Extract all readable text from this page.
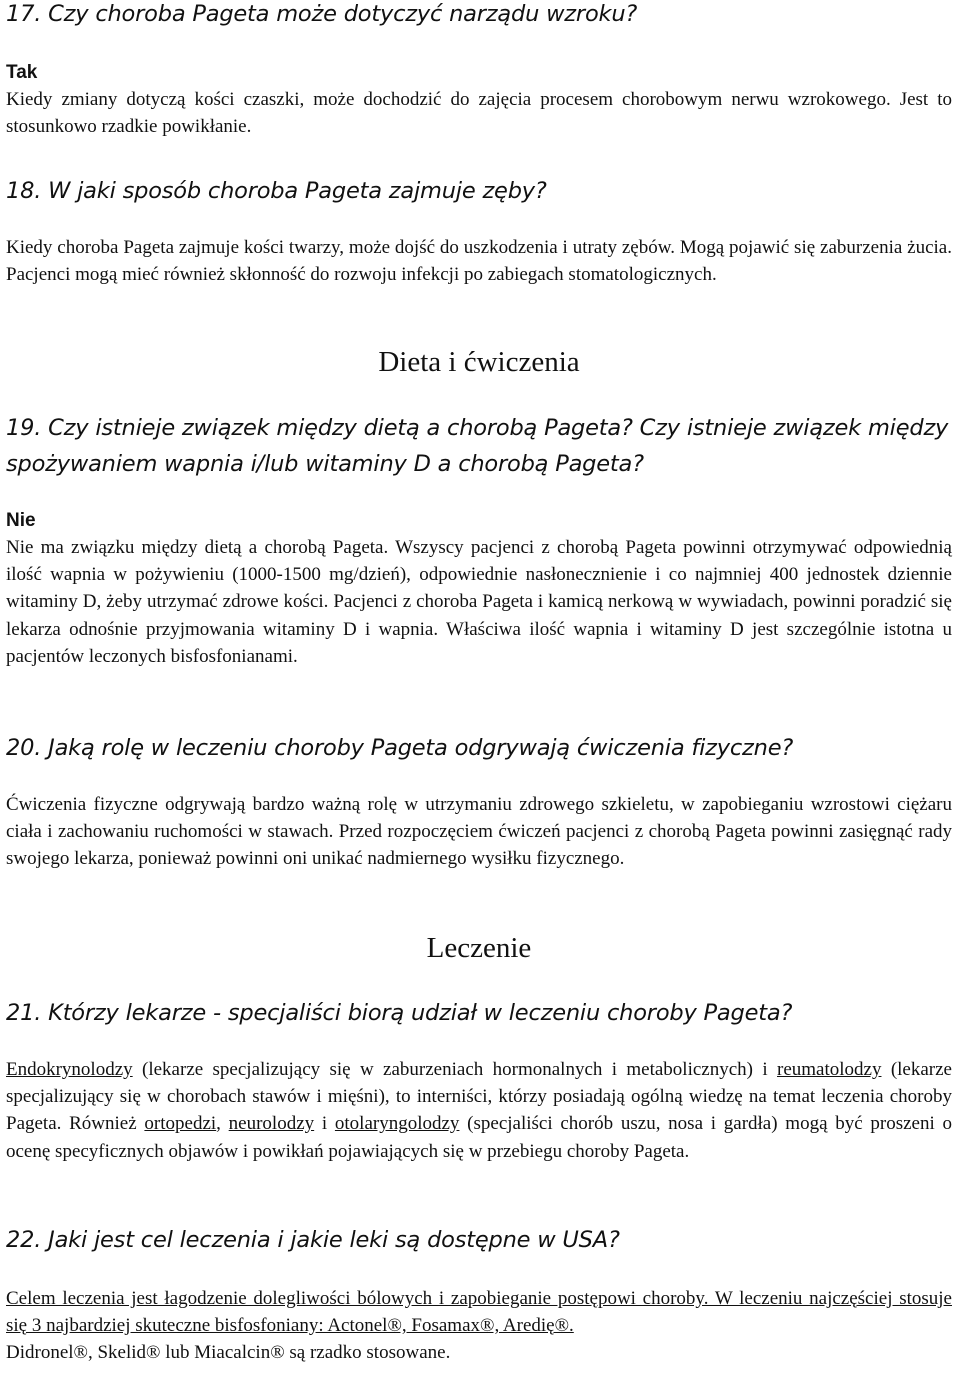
17. Czy choroba Pageta może dotyczyć narządu wzroku?
Tak

Kiedy zmiany dotyczą kości czaszki, może dochodzić do zajęcia procesem chorobowym nerwu wzrokowego. Jest to stosunkowo rzadkie powikłanie.

18. W jaki sposób choroba Pageta zajmuje zęby?

Kiedy choroba Pageta zajmuje kości twarzy, może dojść do uszkodzenia i utraty zębów. Mogą pojawić się zaburzenia żucia. Pacjenci mogą mieć również skłonność do rozwoju infekcji po zabiegach stomatologicznych.

Dieta i ćwiczenia
19. Czy istnieje związek między dietą a chorobą Pageta? Czy istnieje związek między spożywaniem wapnia i/lub witaminy D a chorobą Pageta?
Nie

Nie ma związku między dietą a chorobą Pageta. Wszyscy pacjenci z chorobą Pageta powinni otrzymywać odpowiednią ilość wapnia w pożywieniu (1000-1500 mg/dzień), odpowiednie nasłonecznienie i co najmniej 400 jednostek dziennie witaminy D, żeby utrzymać zdrowe kości. Pacjenci z choroba Pageta i kamicą nerkową w wywiadach, powinni poradzić się lekarza odnośnie przyjmowania witaminy D i wapnia. Właściwa ilość wapnia i witaminy D jest szczególnie istotna u pacjentów leczonych bisfosfonianami.

20. Jaką rolę w leczeniu choroby Pageta odgrywają ćwiczenia fizyczne?

Ćwiczenia fizyczne odgrywają bardzo ważną rolę w utrzymaniu zdrowego szkieletu, w zapobieganiu wzrostowi ciężaru ciała i zachowaniu ruchomości w stawach. Przed rozpoczęciem ćwiczeń pacjenci z chorobą Pageta powinni zasięgnąć rady swojego lekarza, ponieważ powinni oni unikać nadmiernego wysiłku fizycznego.

Leczenie
21. Którzy lekarze - specjaliści biorą udział w leczeniu choroby Pageta?

Endokrynolodzy (lekarze specjalizujący się w zaburzeniach hormonalnych i metabolicznych) i reumatolodzy (lekarze specjalizujący się w chorobach stawów i mięśni), to interniści, którzy posiadają ogólną wiedzę na temat leczenia choroby Pageta. Również ortopedzi, neurolodzy i otolaryngolodzy (specjaliści chorób uszu, nosa i gardła) mogą być proszeni o ocenę specyficznych objawów i powikłań pojawiających się w przebiegu choroby Pageta.

22. Jaki jest cel leczenia i jakie leki są dostępne w USA?

Celem leczenia jest łagodzenie dolegliwości bólowych i zapobieganie postępowi choroby. W leczeniu najczęściej stosuje się 3 najbardziej skuteczne bisfosfoniany: Actonel®, Fosamax®, Aredię®.

Didronel®, Skelid® lub Miacalcin® są rzadko stosowane.
